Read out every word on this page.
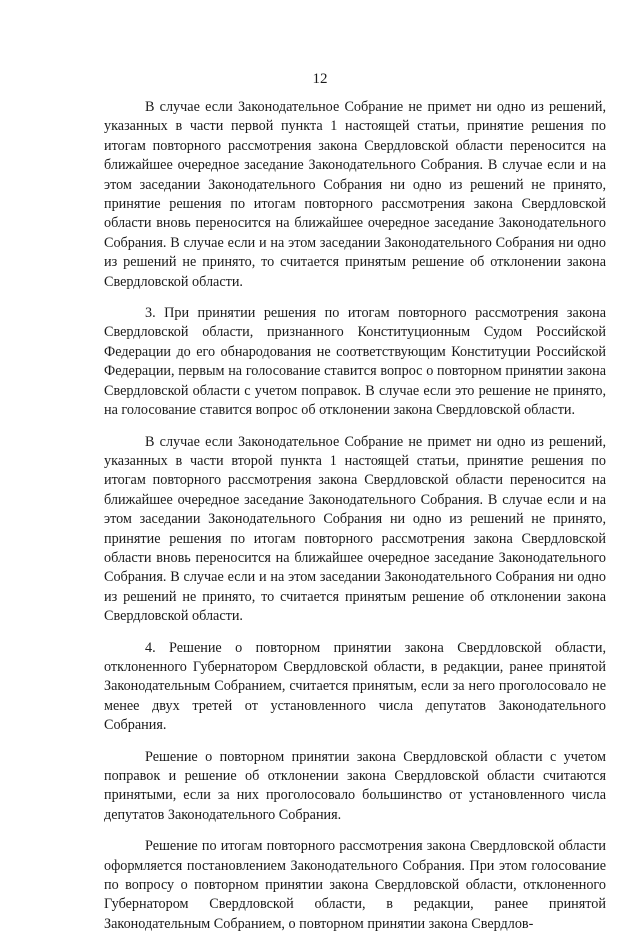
12

В случае если Законодательное Собрание не примет ни одно из решений, указанных в части первой пункта 1 настоящей статьи, принятие решения по итогам повторного рассмотрения закона Свердловской области переносится на ближайшее очередное заседание Законодательного Собрания. В случае если и на этом заседании Законодательного Собрания ни одно из решений не принято, принятие решения по итогам повторного рассмотрения закона Свердловской области вновь переносится на ближайшее очередное заседание Законодательного Собрания. В случае если и на этом заседании Законодательного Собрания ни одно из решений не принято, то считается принятым решение об отклонении закона Свердловской области.

3. При принятии решения по итогам повторного рассмотрения закона Свердловской области, признанного Конституционным Судом Российской Федерации до его обнародования не соответствующим Конституции Российской Федерации, первым на голосование ставится вопрос о повторном принятии закона Свердловской области с учетом поправок. В случае если это решение не принято, на голосование ставится вопрос об отклонении закона Свердловской области.

В случае если Законодательное Собрание не примет ни одно из решений, указанных в части второй пункта 1 настоящей статьи, принятие решения по итогам повторного рассмотрения закона Свердловской области переносится на ближайшее очередное заседание Законодательного Собрания. В случае если и на этом заседании Законодательного Собрания ни одно из решений не принято, принятие решения по итогам повторного рассмотрения закона Свердловской области вновь переносится на ближайшее очередное заседание Законодательного Собрания. В случае если и на этом заседании Законодательного Собрания ни одно из решений не принято, то считается принятым решение об отклонении закона Свердловской области.

4. Решение о повторном принятии закона Свердловской области, отклоненного Губернатором Свердловской области, в редакции, ранее принятой Законодательным Собранием, считается принятым, если за него проголосовало не менее двух третей от установленного числа депутатов Законодательного Собрания.

Решение о повторном принятии закона Свердловской области с учетом поправок и решение об отклонении закона Свердловской области считаются принятыми, если за них проголосовало большинство от установленного числа депутатов Законодательного Собрания.

Решение по итогам повторного рассмотрения закона Свердловской области оформляется постановлением Законодательного Собрания. При этом голосование по вопросу о повторном принятии закона Свердловской области, отклоненного Губернатором Свердловской области, в редакции, ранее принятой Законодательным Собранием, о повторном принятии закона Свердлов-
